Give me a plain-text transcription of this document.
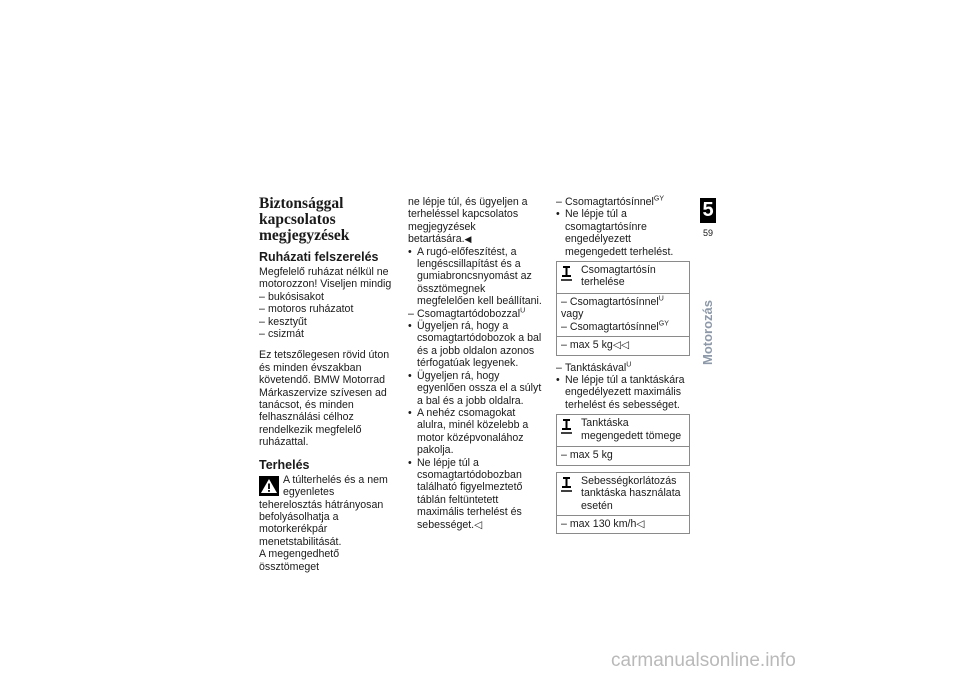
Biztonsággal kapcsolatos megjegyzések
Ruházati felszerelés

Megfelelő ruházat nélkül ne motorozzon! Viseljen mindig

– bukósisakot
– motoros ruházatot
– kesztyűt
– csizmát

Ez tetszőlegesen rövid úton és minden évszakban követendő. BMW Motorrad Márkaszervize szívesen ad tanácsot, és minden felhasználási célhoz rendelkezik megfelelő ruházattal.

Terhelés
A túlterhelés és a nem egyenletes teherelosztás hátrányosan befolyásolhatja a motorkerékpár menetstabilitását.

A megengedhető össztömeget

ne lépje túl, és ügyeljen a terheléssel kapcsolatos megjegyzések betartására.◀

• A rugó-előfeszítést, a lengéscsillapítást és a gumiabroncsnyomást az össztömegnek megfelelően kell beállítani.
– Csomagtartódobozzal$^U$
• Ügyeljen rá, hogy a csomagtartódobozok a bal és a jobb oldalon azonos térfogatúak legyenek.
• Ügyeljen rá, hogy egyenlően ossza el a súlyt a bal és a jobb oldalra.
• A nehéz csomagokat alulra, minél közelebb a motor középvonalához pakolja.
• Ne lépje túl a csomagtartódobozban található figyelmeztető táblán feltüntetett maximális terhelést és sebességet.◁
– Csomagtartósínnel$^{GY}$
• Ne lépje túl a csomagtartósínre engedélyezett megengedett terhelést.
Csomagtartósín terhelése
– Csomagtartósínnel$^U$
vagy
– Csomagtartósínnel$^{GY}$
– max 5 kg◁◁
– Tanktáskával$^U$
• Ne lépje túl a tanktáskára engedélyezett maximális terhelést és sebességet.
Tanktáska megengedett tömege
– max 5 kg
Sebességkorlátozás tanktáska használata esetén
– max 130 km/h◁
5
59
Motorozás
carmanualsonline.info
